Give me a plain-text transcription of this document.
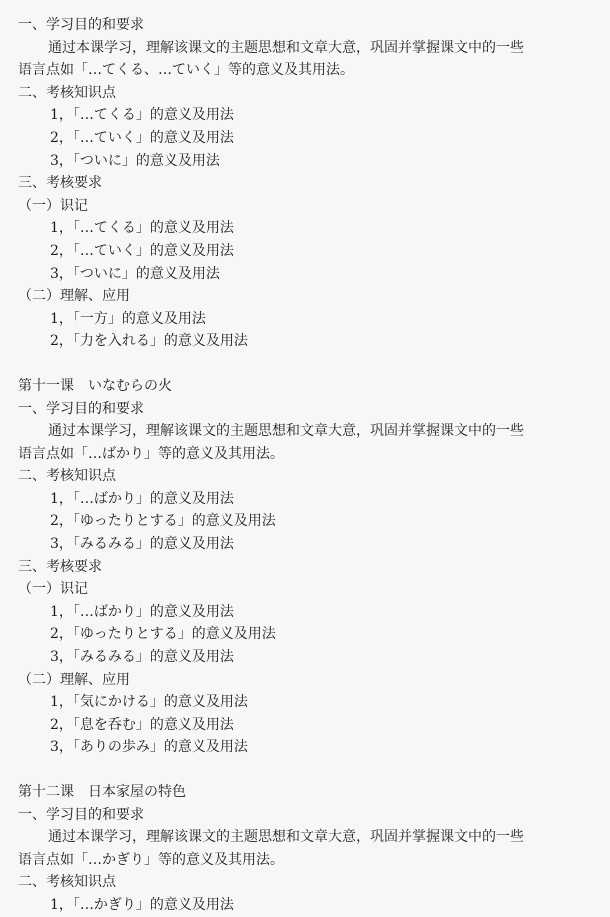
一、学习目的和要求
通过本课学习，理解该课文的主题思想和文章大意，巩固并掌握课文中的一些
语言点如「…てくる、…ていく」等的意义及其用法。
二、考核知识点
1，「…てくる」的意义及用法
2，「…ていく」的意义及用法
3，「ついに」的意义及用法
三、考核要求
（一）识记
1，「…てくる」的意义及用法
2，「…ていく」的意义及用法
3，「ついに」的意义及用法
（二）理解、应用
1，「一方」的意义及用法
2，「力を入れる」的意义及用法
第十一课　いなむらの火
一、学习目的和要求
通过本课学习，理解该课文的主题思想和文章大意，巩固并掌握课文中的一些
语言点如「…ばかり」等的意义及其用法。
二、考核知识点
1，「…ばかり」的意义及用法
2，「ゆったりとする」的意义及用法
3，「みるみる」的意义及用法
三、考核要求
（一）识记
1，「…ばかり」的意义及用法
2，「ゆったりとする」的意义及用法
3，「みるみる」的意义及用法
（二）理解、应用
1，「気にかける」的意义及用法
2，「息を呑む」的意义及用法
3，「ありの歩み」的意义及用法
第十二课　日本家屋の特色
一、学习目的和要求
通过本课学习，理解该课文的主题思想和文章大意，巩固并掌握课文中的一些
语言点如「…かぎり」等的意义及其用法。
二、考核知识点
1，「…かぎり」的意义及用法
